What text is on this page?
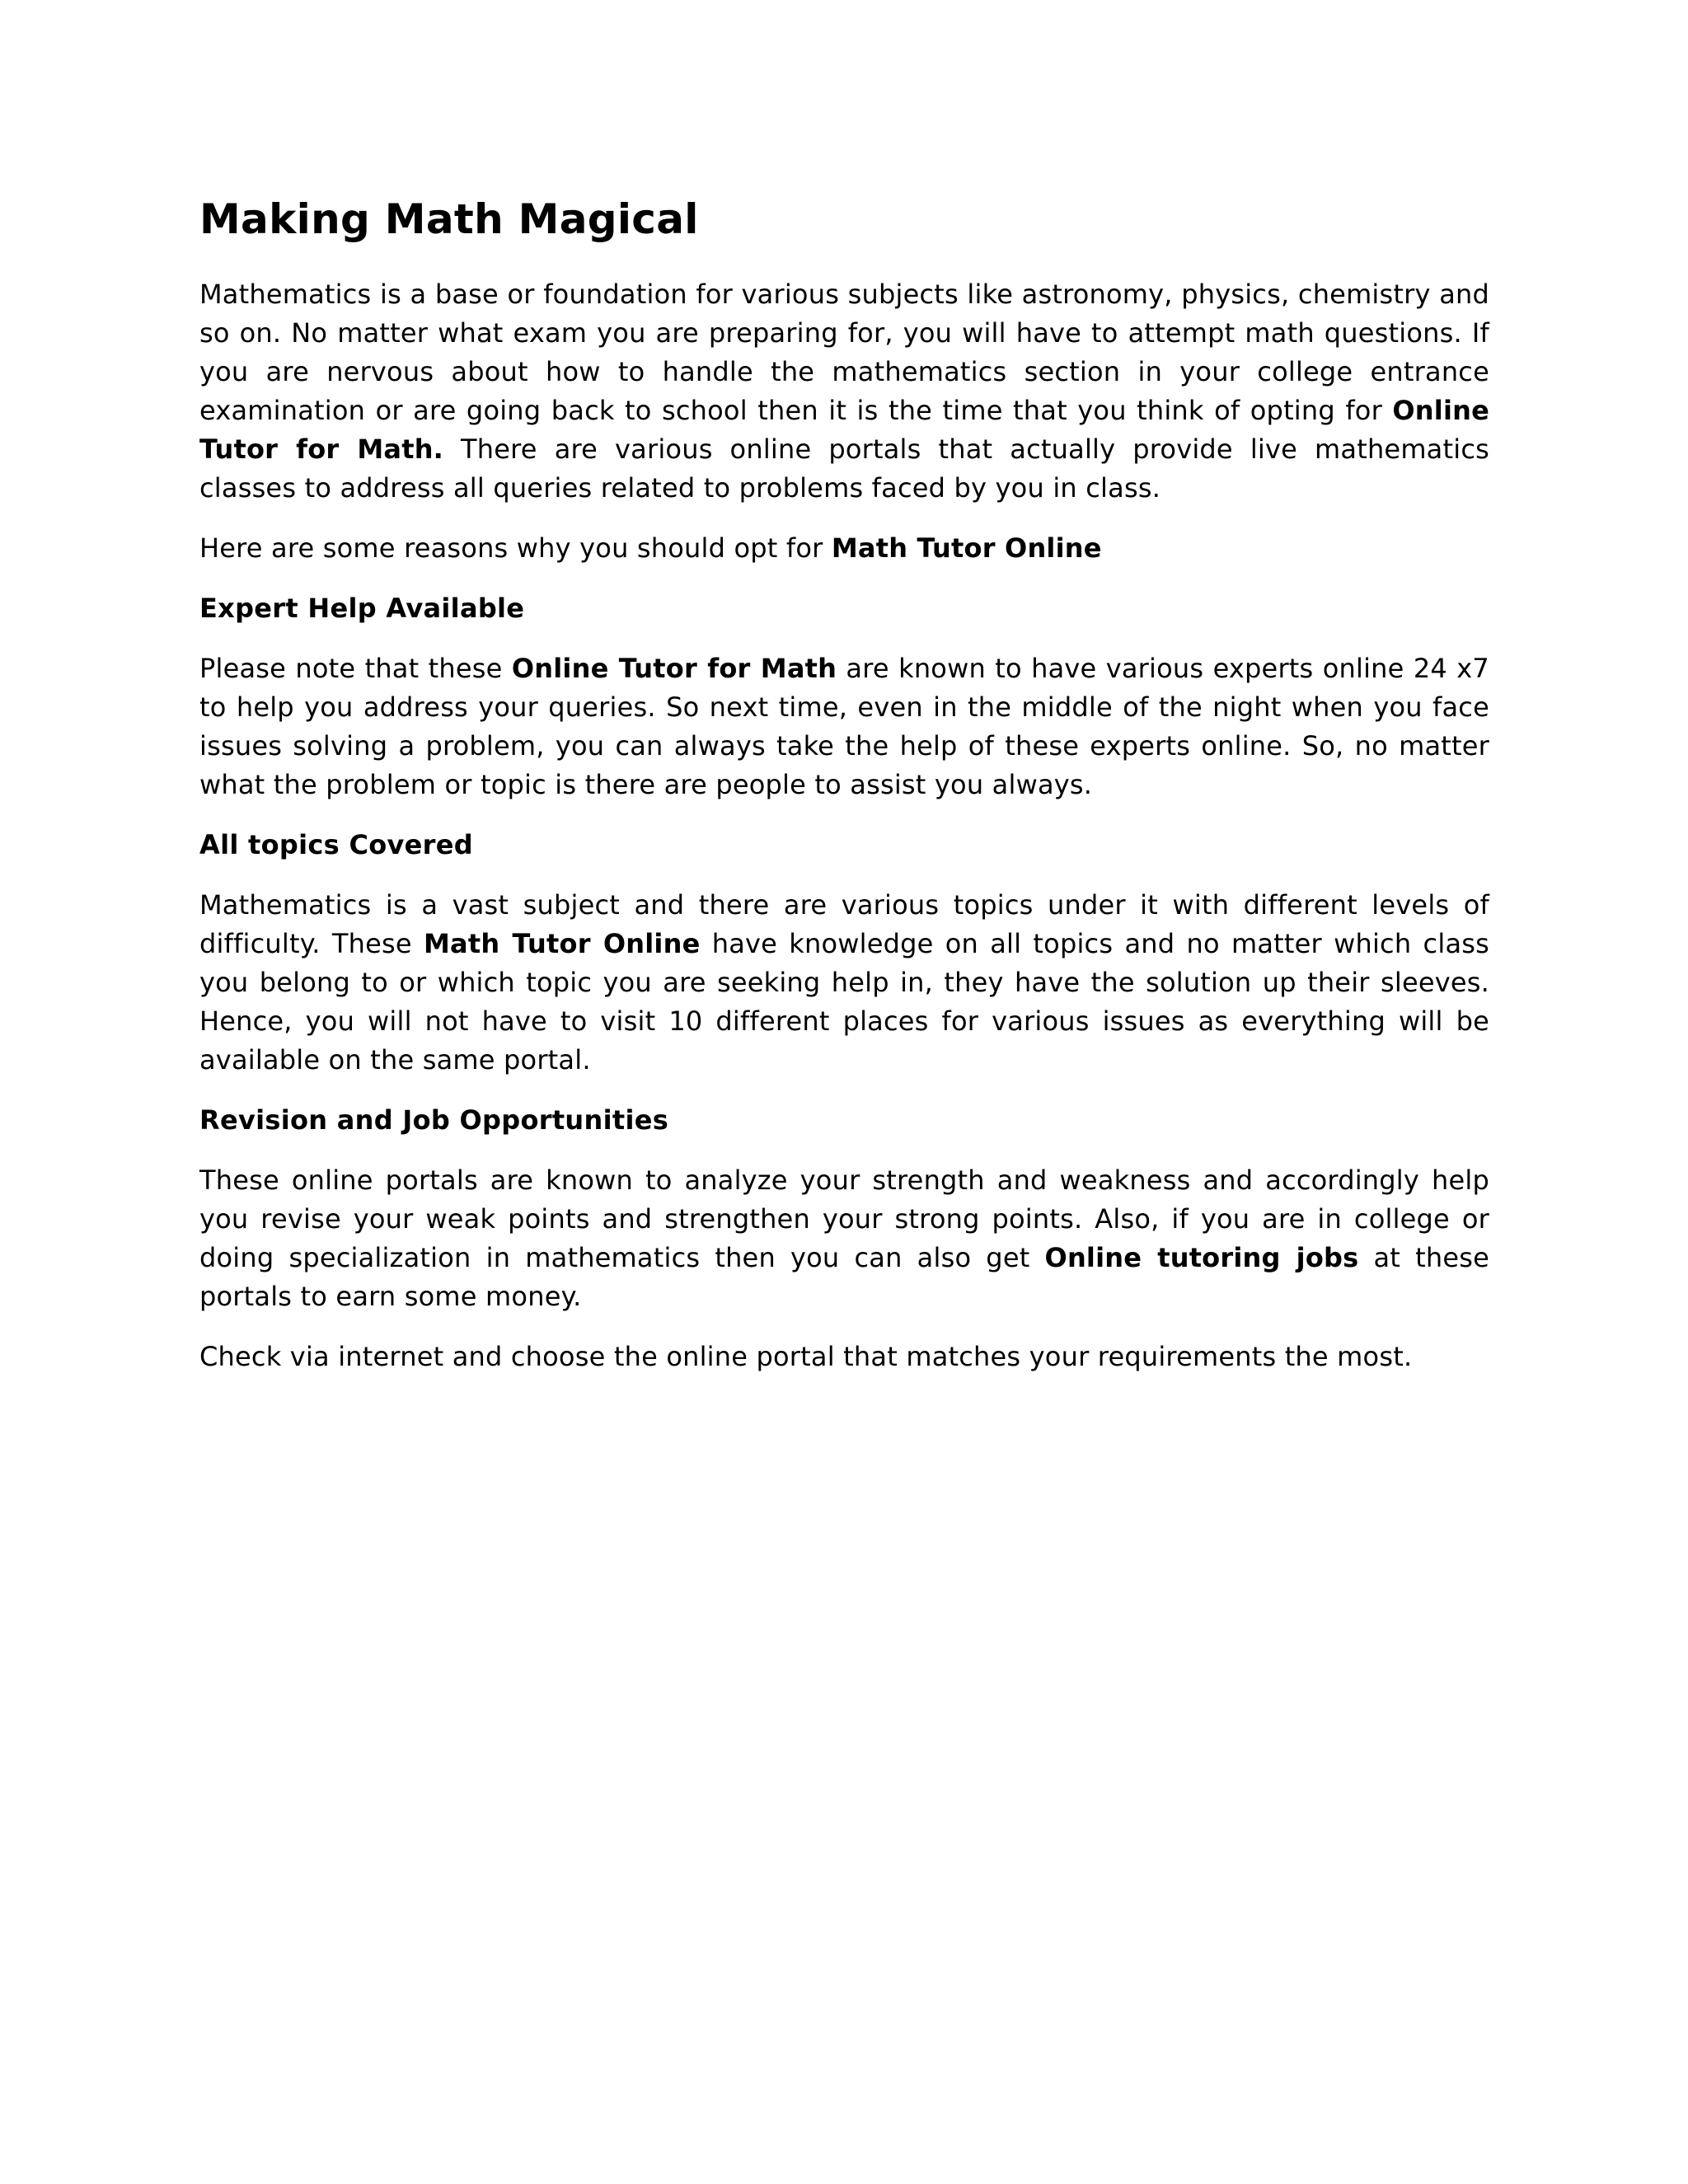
Making Math Magical

Mathematics is a base or foundation for various subjects like astronomy, physics, chemistry and so on. No matter what exam you are preparing for, you will have to attempt math questions. If you are nervous about how to handle the mathematics section in your college entrance examination or are going back to school then it is the time that you think of opting for Online Tutor for Math. There are various online portals that actually provide live mathematics classes to address all queries related to problems faced by you in class.

Here are some reasons why you should opt for Math Tutor Online

Expert Help Available

Please note that these Online Tutor for Math are known to have various experts online 24 x7 to help you address your queries. So next time, even in the middle of the night when you face issues solving a problem, you can always take the help of these experts online. So, no matter what the problem or topic is there are people to assist you always.

All topics Covered

Mathematics is a vast subject and there are various topics under it with different levels of difficulty. These Math Tutor Online have knowledge on all topics and no matter which class you belong to or which topic you are seeking help in, they have the solution up their sleeves. Hence, you will not have to visit 10 different places for various issues as everything will be available on the same portal.

Revision and Job Opportunities

These online portals are known to analyze your strength and weakness and accordingly help you revise your weak points and strengthen your strong points. Also, if you are in college or doing specialization in mathematics then you can also get Online tutoring jobs at these portals to earn some money.

Check via internet and choose the online portal that matches your requirements the most.
